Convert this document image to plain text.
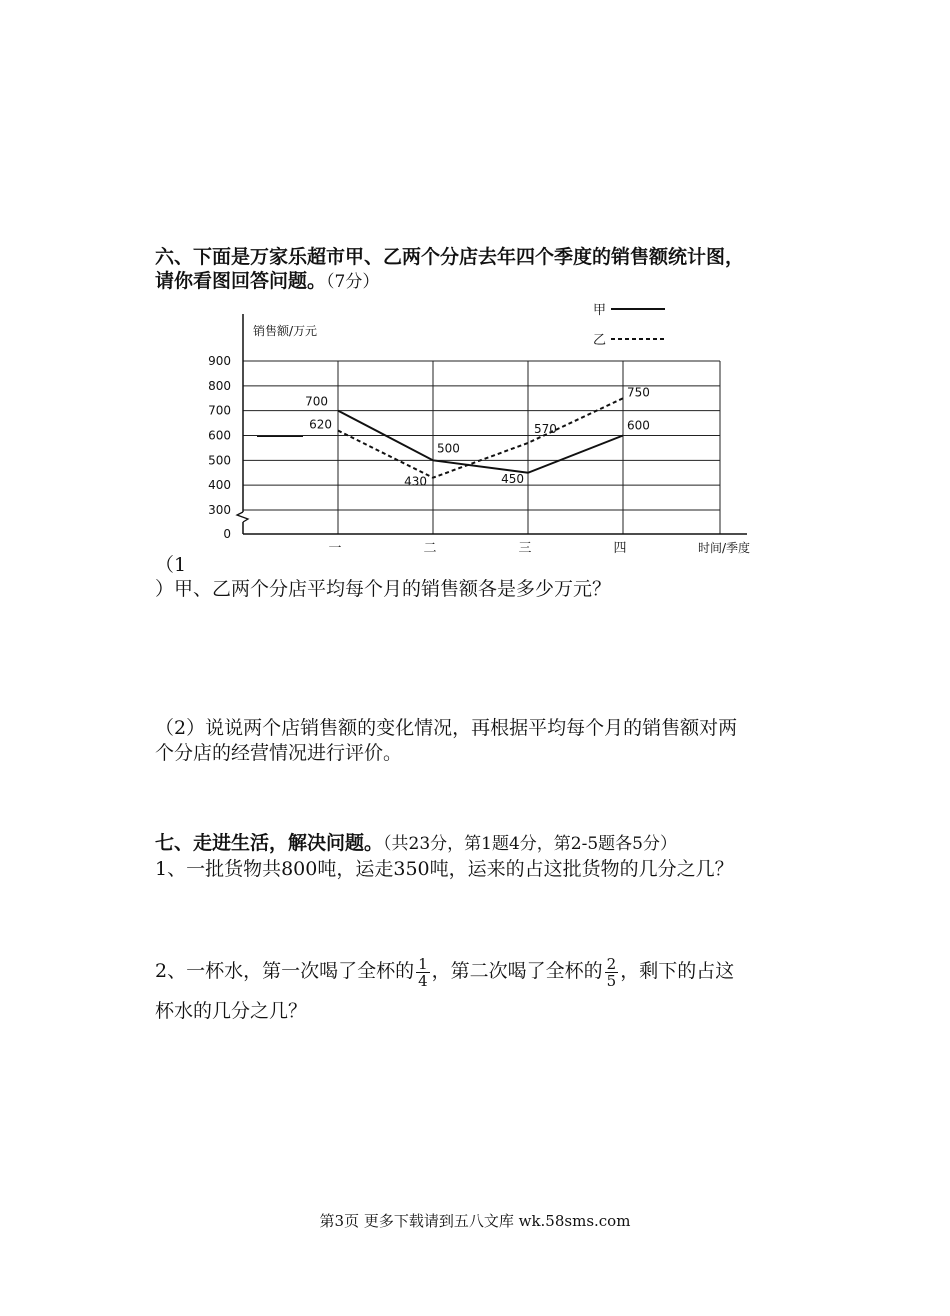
六、下面是万家乐超市甲、乙两个分店去年四个季度的销售额统计图，
请你看图回答问题。（7分）
0
300
400
500
600
700
800
900
一	二	三	四
销售额/万元
时间/季度
700
500
450
600
620
430
570
750
甲
乙
（1
）甲、乙两个分店平均每个月的销售额各是多少万元？
（2）说说两个店销售额的变化情况，再根据平均每个月的销售额对两
个分店的经营情况进行评价。
七、走进生活，解决问题。（共23分，第1题4分，第2-5题各5分）
1、一批货物共800吨，运走350吨，运来的占这批货物的几分之几？
2、一杯水，第一次喝了全杯的 $\frac{1}{4}$ ，第二次喝了全杯的 $\frac{2}{5}$ ，剩下的占这
杯水的几分之几？
第3页 更多下载请到五八文库 wk.58sms.com
